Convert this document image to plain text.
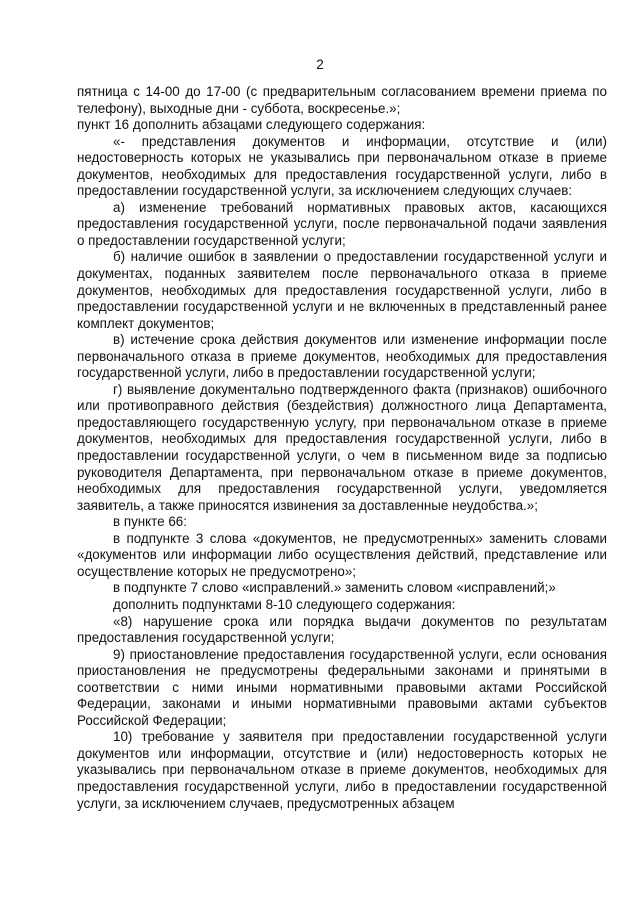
2

пятница с 14-00 до 17-00 (с предварительным согласованием времени приема по телефону), выходные дни - суббота, воскресенье.»;

пункт 16 дополнить абзацами следующего содержания:

«- представления документов и информации, отсутствие и (или) недостоверность которых не указывались при первоначальном отказе в приеме документов, необходимых для предоставления государственной услуги, либо в предоставлении государственной услуги, за исключением следующих случаев:

а) изменение требований нормативных правовых актов, касающихся предоставления государственной услуги, после первоначальной подачи заявления о предоставлении государственной услуги;

б) наличие ошибок в заявлении о предоставлении государственной услуги и документах, поданных заявителем после первоначального отказа в приеме документов, необходимых для предоставления государственной услуги, либо в предоставлении государственной услуги и не включенных в представленный ранее комплект документов;

в) истечение срока действия документов или изменение информации после первоначального отказа в приеме документов, необходимых для предоставления государственной услуги, либо в предоставлении государственной услуги;

г) выявление документально подтвержденного факта (признаков) ошибочного или противоправного действия (бездействия) должностного лица Департамента, предоставляющего государственную услугу, при первоначальном отказе в приеме документов, необходимых для предоставления государственной услуги, либо в предоставлении государственной услуги, о чем в письменном виде за подписью руководителя Департамента, при первоначальном отказе в приеме документов, необходимых для предоставления государственной услуги, уведомляется заявитель, а также приносятся извинения за доставленные неудобства.»;

в пункте 66:

в подпункте 3 слова «документов, не предусмотренных» заменить словами «документов или информации либо осуществления действий, представление или осуществление которых не предусмотрено»;

в подпункте 7 слово «исправлений.» заменить словом «исправлений;»

дополнить подпунктами 8-10 следующего содержания:

«8) нарушение срока или порядка выдачи документов по результатам предоставления государственной услуги;

9) приостановление предоставления государственной услуги, если основания приостановления не предусмотрены федеральными законами и принятыми в соответствии с ними иными нормативными правовыми актами Российской Федерации, законами и иными нормативными правовыми актами субъектов Российской Федерации;

10) требование у заявителя при предоставлении государственной услуги документов или информации, отсутствие и (или) недостоверность которых не указывались при первоначальном отказе в приеме документов, необходимых для предоставления государственной услуги, либо в предоставлении государственной услуги, за исключением случаев, предусмотренных абзацем
